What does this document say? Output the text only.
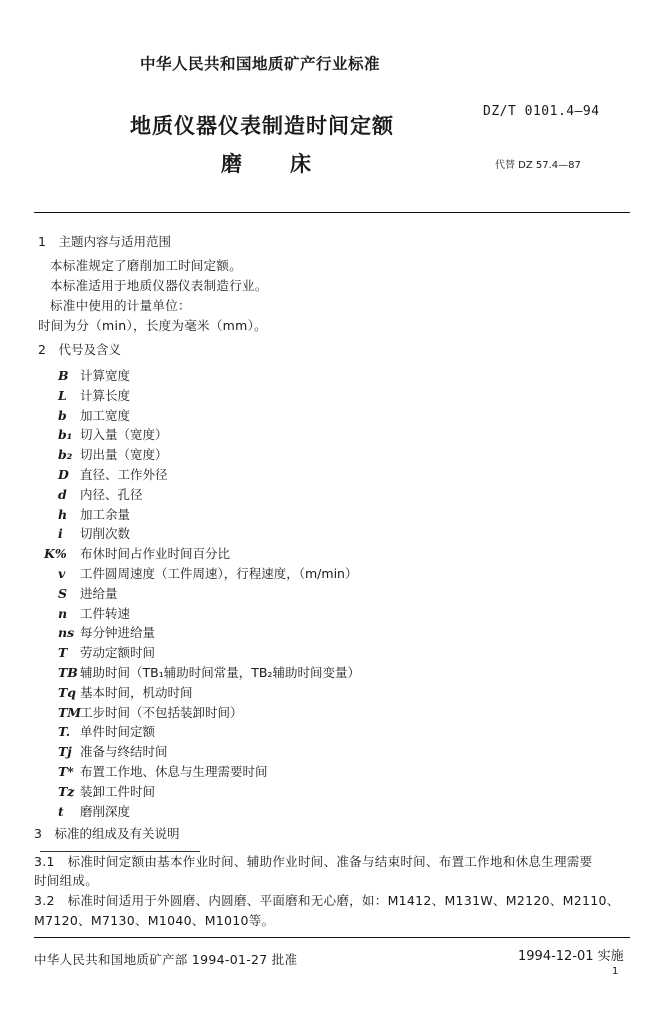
中华人民共和国地质矿产行业标准
地质仪器仪表制造时间定额
磨床
DZ/T 0101.4—94
代替 DZ 57.4—87
1　主题内容与适用范围
本标准规定了磨削加工时间定额。
本标准适用于地质仪器仪表制造行业。
标准中使用的计量单位：
时间为分（min），长度为毫米（mm）。
2　代号及含义
B 计算宽度
L 计算长度
b 加工宽度
b₁ 切入量（宽度）
b₂ 切出量（宽度）
D 直径、工作外径
d 内径、孔径
h 加工余量
i 切削次数
K% 布休时间占作业时间百分比
v 工件圆周速度（工件周速），行程速度，（m/min）
S 进给量
n 工件转速
ns 每分钟进给量
T 劳动定额时间
TB 辅助时间（TB₁辅助时间常量，TB₂辅助时间变量）
Tq 基本时间，机动时间
TM工步时间（不包括装卸时间）
T. 单件时间定额
Tj 准备与终结时间
T* 布置工作地、休息与生理需要时间
Tz 装卸工件时间
t 磨削深度
3　标准的组成及有关说明
3.1　标准时间定额由基本作业时间、辅助作业时间、准备与结束时间、布置工作地和休息生理需要
时间组成。
3.2　标准时间适用于外圆磨、内圆磨、平面磨和无心磨，如：M1412、M131W、M2120、M2110、
M7120、M7130、M1040、M1010等。
中华人民共和国地质矿产部 1994-01-27 批准	1994-12-01 实施
1
